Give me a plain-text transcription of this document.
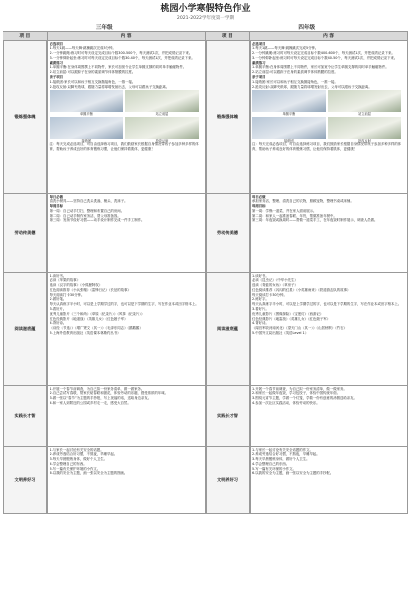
桃园小学寒假特色作业
2021-2022学年度第一学期
三年级	四年级
项 目	内 容	项 目	内 容
锻炼强体魄
必选项目
1.每天1跳——每天舞·跳操跳次完成5分钟。
2.一分钟跳绳:练习时可每天设定完成目标个数300-500个，每天测试1次，并把成绩记录下来。
3.一分钟仰卧起坐:练习时可每天设定完成目标个数30-40个，每天测试1次，并把成绩记录下来。
素质练习
1.单腿平衡:在身体周围摆上不同物件，家长可加宽令让学生单腿支撑的同时单手触碰物件。
2.站立前屈:可以跟踪子在身的素质调节体体筋膜的拉度。
亲子项目
1.接纸团:家长可以和孩子相互交换抛接角色，一推一接。
2.抢攻反射:双脚夹纸球，跟随力量将球增发射出去，父母可以跟孩子交换距离。
单腿平衡	站立前屈
接纸团	抢攻反射
注：每天完成必选项目，可自由选择练习项目，我们鼓励家长根据自身情况带孩子参加多种多样的体育，帮助孩子养成良好的体育锻炼习惯，让他们保持着肌体，更健康！
锻炼强体魄
必选项目
1.每天1跳——每天舞·跳操跳次完成5分钟。
2.一分钟跳绳:练习时可每天设定完成目标个数400-600个，每天测试1次，并把成绩记录下来。
3.一分钟仰卧起坐:练习时可每天设定完成目标个数40-50个，每天测试1次，并把成绩记录下来。
素质练习
1.单腿平衡:在身体周围摆上不同物件，家长可加宽令让学生单腿支撑的同时单手触碰物件。
2.站立前屈:可以跟踪子在身的素质调节体体筋膜的拉度。
亲子项目
1.接纸团:家长可以和孩子相互交换抛接角色，一推一接。
2.抢攻反射:双脚夹纸球，跟随力量将球增发射出去，父母可以跟孩子交换距离。
单腿平衡	站立前屈
接纸团	抢攻反射
注：每天完成必选项目，可自由选择练习项目，我们鼓励家长根据自身情况带孩子参加多种多样的体育，帮助孩子养成良好的体育锻炼习惯，让他们保持着肌体，更健康！
劳动传美德
每日必做
清洗小餐具——坚持自己洗头洗澡、梳头、洗袜子。
每周目标
第一周：自己动手打扫，整理和布置自己的房间。
第二周：自己动手制作家务活，帮父母准备饭。
第三周：发扬节俭好习惯——动手设计制作完成一件手工制作。
劳动传美德
每日必做
承担家务活，整理、清洗自己的衣物，照顾宠物，整理书桌或床铺。
每周目标
第一周：学锅一道菜，并在家人面前展示。
第二周：和家人一起准备春联、年货，帮做准备年餐中。
第三周：年夜饭或换周时——帮做一道菜手工，在年夜饭时制作展示，调查人员做。
阅读滋底蕴
1.读好书。
必读《苹果的故事》
选读《汉字的故事》《小狐狸阿权》
红色阅读推荐《小兵张嘎》《雷锋日记》《长征的故事》
每天阅读打卡30分钟。
2.做好笔。
每天认真练字半小时，可以是上学期学过的字，也可以是下学期的生字，写在作业本或田字格本上。
3.看好片。
优秀儿童影片《三个和尚》《草原（纪录片）》《风筝（纪录片）》
红色经典影片《地道战》《英雄儿女》《红色娘子军》
4.背好诗。
《诗经（节选）》《增广贤文（其一）》《毛泽东同志》《鹅鹅鹅》
5.上海外语教育出版社《英语课本林斯约丛书》
阅读滋底蕴
1.读好书。
必读《昆虫记》《中华小先生》
选读《青蛙的女孩》《草房子》
红色阅读推荐《闪闪的红星》《小英雄雨来》《铁道游击队的故事》
每天阅读打卡30分钟。
2.练好字。
每天认真练字半小时，可以是上学期学过的字，也可以是下学期的生字，写在作业本或田字格本上。
3.看好片。
优秀儿童影片《图像探险》《宝莲灯》《西游记》
红色经典影片《地雷战》《英雄儿女》《红色娘子军》
4.背好诗。
《闻官军收河南河北》《望天门山（其一）》《山居秋暝》《竹石》
5.中国外文局出版社《英语Level 1》
实践长才智
1.开展一个春节前调查，为自己拟一份家务清单，做一做家务。
2.自己尝试写春联，帮家长贴春联和窗花，体验劳动的乐趣，感受浓浓的年味。
3.做一张以“春节”为主题的手抄报，写上祝福的话，送给身边亲友。
4.和一家人到附近的公园或乡村走一走，感受大自然。
实践长才智
1.开展一个春节前调查，为自己拟一份家务清单，做一做家务。
2.和家长一起做年夜饭，学习包饺子，体验中国传统年俗。
3.围绕元宵节主题，学做一个灯笼，学做一份有创意的汤圆送给亲友。
4.参加一次社区实践活动，体验劳动的快乐。
文明养好习
1.与家长一起讨论有关安全的话题。
2.养成劳逸结合好习惯，不熬夜，早睡早起。
3.每天早晨锻炼身体，做好个人卫生。
4.学会整理自己的东西。
5.写一篇有关保护环境的小作文。
6.以我的安全为主题，画一张以安全为主题的图画。
文明养好习
1.与家长一起讨论有关安全话题的作文。
2.养成劳逸结合好习惯，不熬夜，早睡早起。
3.每天早晨锻炼身体，做好个人卫生。
4.学会整理自己的东西。
5.写一篇有关环保的小作文。
6.以我的安全为主题，画一张以安全为主题的手抄报。
